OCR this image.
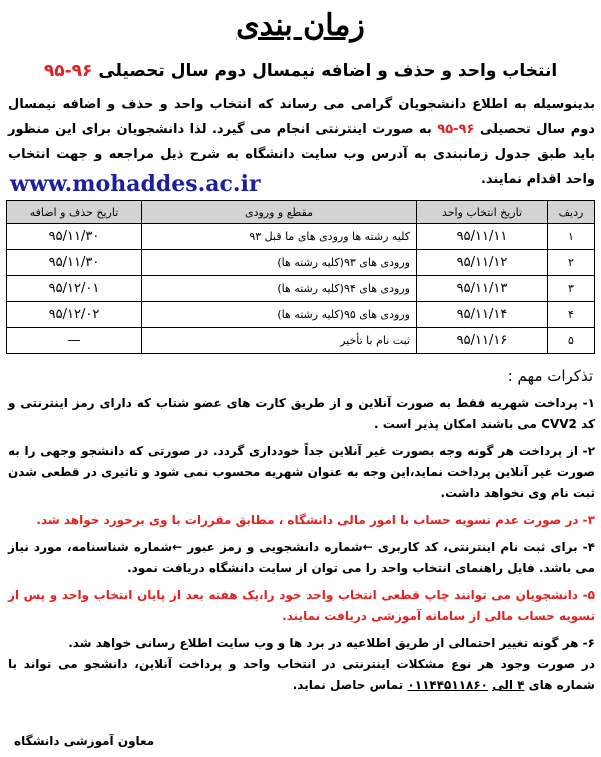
زمان بندی
انتخاب واحد و حذف و اضافه نیمسال دوم سال تحصیلی ۹۶-۹۵
بدینوسیله به اطلاع دانشجویان گرامی می رساند که انتخاب واحد و حذف و اضافه نیمسال دوم سال تحصیلی ۹۶-۹۵ به صورت اینترنتی انجام می گیرد. لذا دانشجویان برای این منظور باید طبق جدول زمانبندی به آدرس وب سایت دانشگاه به شرح ذیل مراجعه و جهت انتخاب واحد اقدام نمایند.
www.mohaddes.ac.ir
ردیف	تاریخ انتخاب واحد	مقطع و ورودی	تاریخ حذف و اضافه
۱	۹۵/۱۱/۱۱	کلیه رشته ها ورودی های ما قبل ۹۳	۹۵/۱۱/۳۰
۲	۹۵/۱۱/۱۲	ورودی های ۹۳(کلیه رشته ها)	۹۵/۱۱/۳۰
۳	۹۵/۱۱/۱۳	ورودی های ۹۴(کلیه رشته ها)	۹۵/۱۲/۰۱
۴	۹۵/۱۱/۱۴	ورودی های ۹۵(کلیه رشته ها)	۹۵/۱۲/۰۲
۵	۹۵/۱۱/۱۶	ثبت نام با تأخیر	—
تذکرات مهم :
۱- پرداخت شهریه فقط به صورت آنلاین و از طریق کارت های عضو شتاب که دارای رمز اینترنتی و کد CVV2 می باشند امکان پذیر است .
۲- از پرداخت هر گونه وجه بصورت غیر آنلاین جداً خودداری گردد. در صورتی که دانشجو وجهی را به صورت غیر آنلاین پرداخت نماید،این وجه به عنوان شهریه محسوب نمی شود و تاثیری در قطعی شدن ثبت نام وی نخواهد داشت.
۳- در صورت عدم تسویه حساب با امور مالی دانشگاه ، مطابق مقررات با وی برخورد خواهد شد.
۴- برای ثبت نام اینترنتی، کد کاربری ←شماره دانشجویی و رمز عبور ←شماره شناسنامه، مورد نیاز می باشد. فایل راهنمای انتخاب واحد را می توان از سایت دانشگاه دریافت نمود.
۵- دانشجویان می توانند چاپ قطعی انتخاب واحد خود را،یک هفته بعد از پایان انتخاب واحد و پس از تسویه حساب مالی از سامانه آموزشی دریافت نمایند.
۶- هر گونه تغییر احتمالی از طریق اطلاعیه در برد ها و وب سایت اطلاع رسانی خواهد شد.
در صورت وجود هر نوع مشکلات اینترنتی در انتخاب واحد و پرداخت آنلاین، دانشجو می تواند با شماره های ۴ الی ۰۱۱۴۴۵۱۱۸۶۰ تماس حاصل نماید.
معاون آموزشی دانشگاه
